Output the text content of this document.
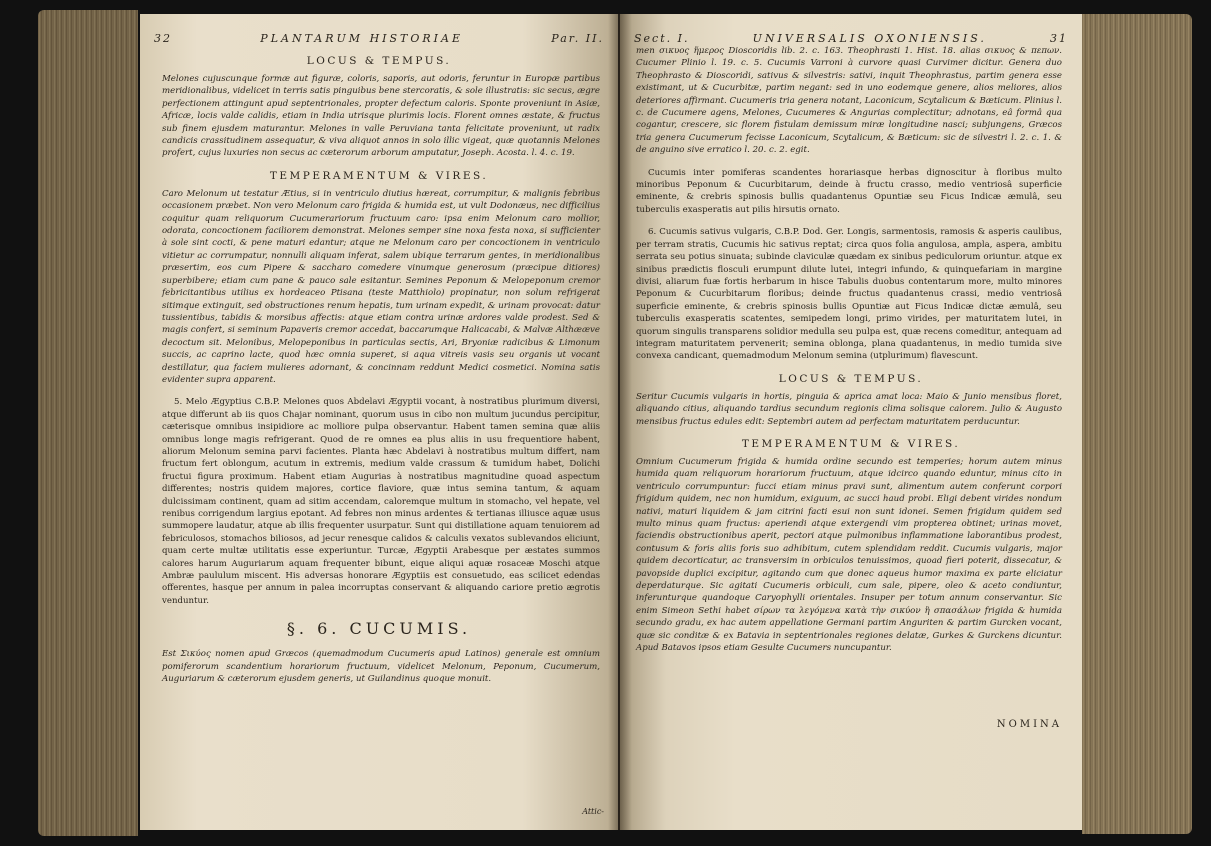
32	PLANTARUM HISTORIAE	Par. II.
LOCUS & TEMPUS.

Melones cujuscunque formæ aut figuræ, coloris, saporis, aut odoris, feruntur in Europæ partibus meridionalibus, videlicet in terris satis pinguibus bene stercoratis, & sole illustratis: sic secus, ægre perfectionem attingunt apud septentrionales, propter defectum caloris. Sponte proveniunt in Asiæ, Africæ, locis valde calidis, etiam in India utrisque plurimis locis. Florent omnes æstate, & fructus sub finem ejusdem maturantur. Melones in valle Peruviana tanta felicitate proveniunt, ut radix candicis crassitudinem assequatur, & viva aliquot annos in solo illic vigeat, quæ quotannis Melones profert, cujus luxuries non secus ac cæterorum arborum amputatur, Joseph. Acosta. l. 4. c. 19.

TEMPERAMENTUM & VIRES.

Caro Melonum ut testatur Ætius, si in ventriculo diutius hæreat, corrumpitur, & malignis febribus occasionem præbet. Non vero Melonum caro frigida & humida est, ut vult Dodonæus, nec difficilius coquitur quam reliquorum Cucumerariorum fructuum caro: ipsa enim Melonum caro mollior, odorata, concoctionem faciliorem demonstrat. Melones semper sine noxa festa noxa, si sufficienter à sole sint cocti, & pene maturi edantur; atque ne Melonum caro per concoctionem in ventriculo vitietur ac corrumpatur, nonnulli aliquam inferat, salem ubique terrarum gentes, in meridionalibus præsertim, eos cum Pipere & saccharo comedere vinumque generosum (præcipue ditiores) superbibere; etiam cum pane & pauco sale esitantur. Semines Peponum & Melopeponum cremor febricitantibus utilius ex hordeaceo Ptisana (teste Matthiolo) propinatur, non solum refrigerat sitimque extinguit, sed obstructiones renum hepatis, tum urinam expedit, & urinam provocat: datur tussientibus, tabidis & morsibus affectis: atque etiam contra urinæ ardores valde prodest. Sed & magis confert, si seminum Papaveris cremor accedat, baccarumque Halicacabi, & Malvæ Althææve decoctum sit. Melonibus, Melopeponibus in particulas sectis, Ari, Bryoniæ radicibus & Limonum succis, ac caprino lacte, quod hæc omnia superet, si aqua vitreis vasis seu organis ut vocant destillatur, qua faciem mulieres adornant, & concinnam reddunt Medici cosmetici. Nomina satis evidenter supra apparent.

5. Melo Ægyptius C.B.P. Melones quos Abdelavi Ægyptii vocant, à nostratibus plurimum diversi, atque differunt ab iis quos Chajar nominant, quorum usus in cibo non multum jucundus percipitur, cæterisque omnibus insipidiore ac molliore pulpa observantur. Habent tamen semina quæ aliis omnibus longe magis refrigerant. Quod de re omnes ea plus aliis in usu frequentiore habent, aliorum Melonum semina parvi facientes. Planta hæc Abdelavi à nostratibus multum differt, nam fructum fert oblongum, acutum in extremis, medium valde crassum & tumidum habet, Dolichi fructui figura proximum. Habent etiam Augurias à nostratibus magnitudine quoad aspectum differentes; nostris quidem majores, cortice flaviore, quæ intus semina tantum, & aquam dulcissimam continent, quam ad sitim accendam, caloremque multum in stomacho, vel hepate, vel renibus corrigendum largius epotant. Ad febres non minus ardentes & tertianas illiusce aquæ usus summopere laudatur, atque ab illis frequenter usurpatur. Sunt qui distillatione aquam tenuiorem ad febriculosos, stomachos biliosos, ad jecur renesque calidos & calculis vexatos sublevandos eliciunt, quam certe multæ utilitatis esse experiuntur. Turcæ, Ægyptii Arabesque per æstates summos calores harum Auguriarum aquam frequenter bibunt, eique aliqui aquæ rosaceæ Moschi atque Ambræ paululum miscent. His adversas honorare Ægyptiis est consuetudo, eas scilicet edendas offerentes, hasque per annum in palea incorruptas conservant & aliquando cariore pretio ægrotis venduntur.

§. 6. CUCUMIS.

Est Σικύος nomen apud Græcos (quemadmodum Cucumeris apud Latinos) generale est omnium pomiferorum scandentium horariorum fructuum, videlicet Melonum, Peponum, Cucumerum, Auguriarum & cæterorum ejusdem generis, ut Guilandinus quoque monuit.

Attic-
Sect. I.	UNIVERSALIS OXONIENSIS.	31

men σικυος ἥμερος Dioscoridis lib. 2. c. 163. Theophrasti 1. Hist. 18. alias σικυος & πεπων. Cucumer Plinio l. 19. c. 5. Cucumis Varroni à curvore quasi Curvimer dicitur. Genera duo Theophrasto & Dioscoridi, sativus & silvestris: sativi, inquit Theophrastus, partim genera esse existimant, ut & Cucurbitæ, partim negant: sed in uno eodemque genere, alios meliores, alios deteriores affirmant. Cucumeris tria genera notant, Laconicum, Scytalicum & Bæticum. Plinius l. c. de Cucumere agens, Melones, Cucumeres & Angurias complectitur; adnotans, eâ formâ qua cogantur, crescere, sic florem fistulam demissum miræ longitudine nasci; subjungens, Græcos tria genera Cucumerum fecisse Laconicum, Scytalicum, & Bæticum: sic de silvestri l. 2. c. 1. & de anguino sive erratico l. 20. c. 2. egit.

Cucumis inter pomiferas scandentes horariasque herbas dignoscitur à floribus multo minoribus Peponum & Cucurbitarum, deinde à fructu crasso, medio ventriosâ superficie eminente, & crebris spinosis bullis quadantenus Opuntiæ seu Ficus Indicæ æmulâ, seu tuberculis exasperatis aut pilis hirsutis ornato.

6. Cucumis sativus vulgaris, C.B.P. Dod. Ger. Longis, sarmentosis, ramosis & asperis caulibus, per terram stratis, Cucumis hic sativus reptat; circa quos folia angulosa, ampla, aspera, ambitu serrata seu potius sinuata; subinde claviculæ quædam ex sinibus pediculorum oriuntur. atque ex sinibus prædictis flosculi erumpunt dilute lutei, integri infundo, & quinquefariam in margine divisi, aliarum fuæ fortis herbarum in hisce Tabulis duobus contentarum more, multo minores Peponum & Cucurbitarum floribus; deinde fructus quadantenus crassi, medio ventriosâ superficie eminente, & crebris spinosis bullis Opuntiæ aut Ficus Indicæ dictæ æmulâ, seu tuberculis exasperatis scatentes, semipedem longi, primo virides, per maturitatem lutei, in quorum singulis transparens solidior medulla seu pulpa est, quæ recens comeditur, antequam ad integram maturitatem pervenerit; semina oblonga, plana quadantenus, in medio tumida sive convexa candicant, quemadmodum Melonum semina (utplurimum) flavescunt.

LOCUS & TEMPUS.

Seritur Cucumis vulgaris in hortis, pinguia & aprica amat loca: Maio & Junio mensibus floret, aliquando citius, aliquando tardius secundum regionis clima solisque calorem. Julio & Augusto mensibus fructus edules edit: Septembri autem ad perfectam maturitatem perducuntur.

TEMPERAMENTUM & VIRES.

Omnium Cucumerum frigida & humida ordine secundo est temperies; horum autem minus humida quam reliquorum horariorum fructuum, atque idcirco quando eduntur, minus cito in ventriculo corrumpuntur: fucci etiam minus pravi sunt, alimentum autem conferunt corpori frigidum quidem, nec non humidum, exiguum, ac succi haud probi. Eligi debent virides nondum nativi, maturi liquidem & jam citrini facti esui non sunt idonei. Semen frigidum quidem sed multo minus quam fructus: aperiendi atque extergendi vim propterea obtinet; urinas movet, faciendis obstructionibus aperit, pectori atque pulmonibus inflammatione laborantibus prodest, contusum & foris aliis foris suo adhibitum, cutem splendidam reddit. Cucumis vulgaris, major quidem decorticatur, ac transversim in orbiculos tenuissimos, quoad fieri poterit, dissecatur, & pavopside duplici excipitur, agitando cum que donec aqueus humor maxima ex parte eliciatur deperdaturque. Sic agitati Cucumeris orbiculi, cum sale, pipere, oleo & aceto condiuntur, inferunturque quandoque Caryophylli orientales. Insuper per totum annum conservantur. Sic enim Simeon Sethi habet σίρων τα λεγόμενα κατὰ τὴν σικύον ἢ σπασάλων frigida & humida secundo gradu, ex hac autem appellatione Germani partim Anguriten & partim Gurcken vocant, quæ sic conditæ & ex Batavia in septentrionales regiones delatæ, Gurkes & Gurckens dicuntur. Apud Batavos ipsos etiam Gesulte Cucumers nuncupantur.

NOMINA
